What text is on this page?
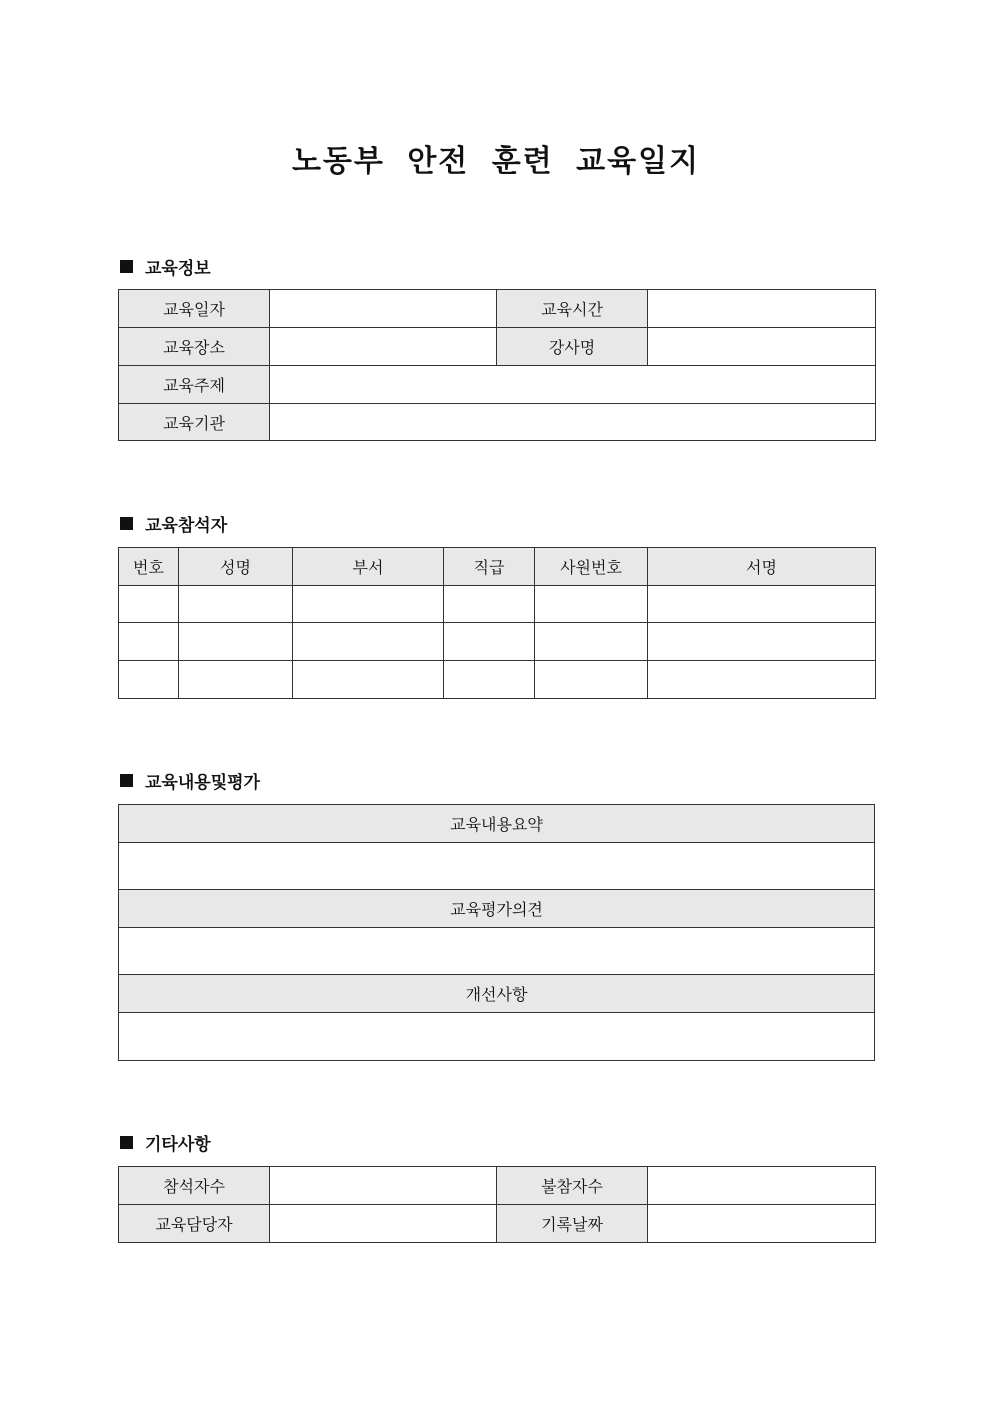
노동부 안전 훈련 교육일지
교육정보
교육일자		교육시간	
교육장소		강사명	
교육주제			
교육기관			
교육참석자
번호	성명	부서	직급	사원번호	서명

교육내용및평가
교육내용요약

교육평가의견

개선사항

기타사항
참석자수		불참자수	
교육담당자		기록날짜	
